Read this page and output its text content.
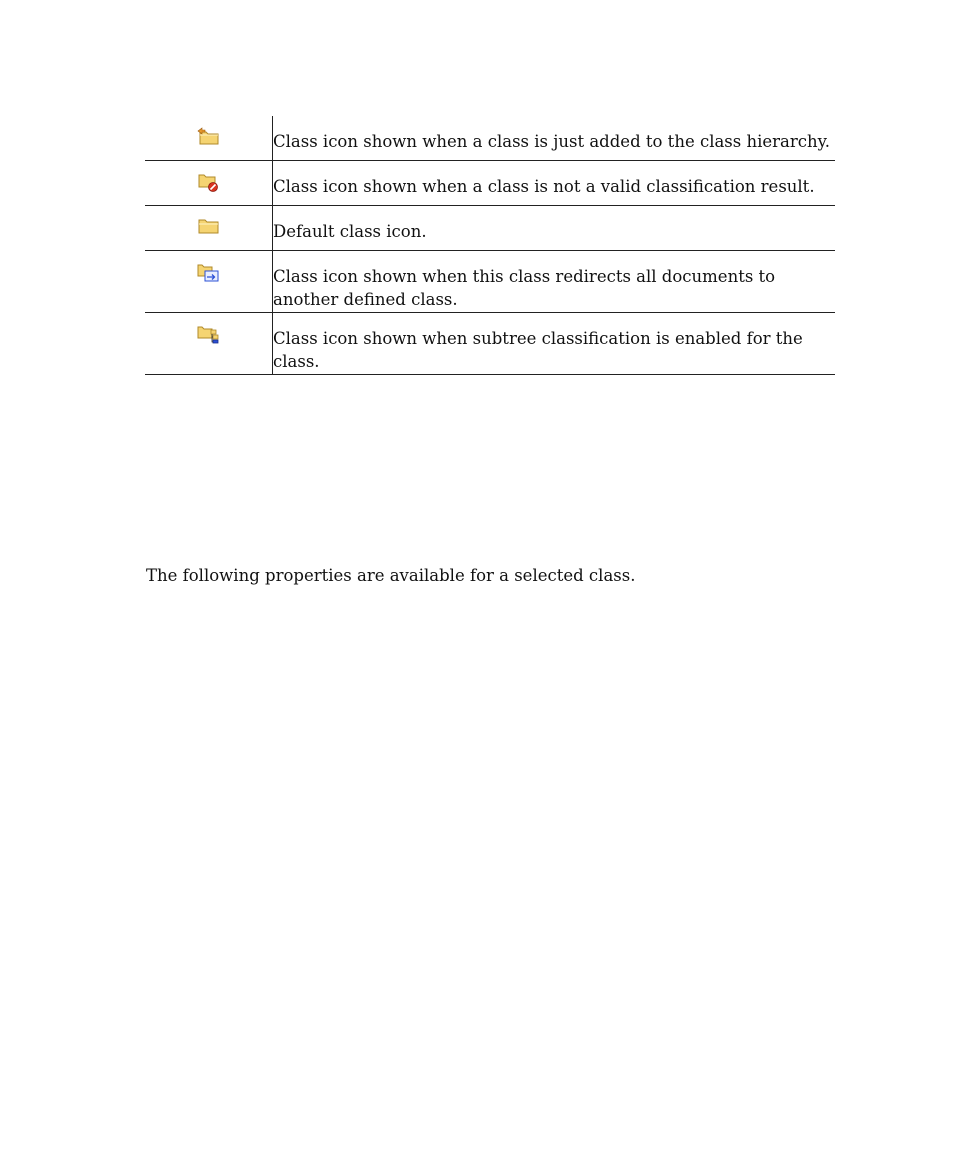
Class icon shown when a class is just added to the class hierarchy.

Class icon shown when a class is not a valid classification result.

Default class icon.

Class icon shown when this class redirects all documents to another defined class.

Class icon shown when subtree classification is enabled for the class.

The following properties are available for a selected class.
